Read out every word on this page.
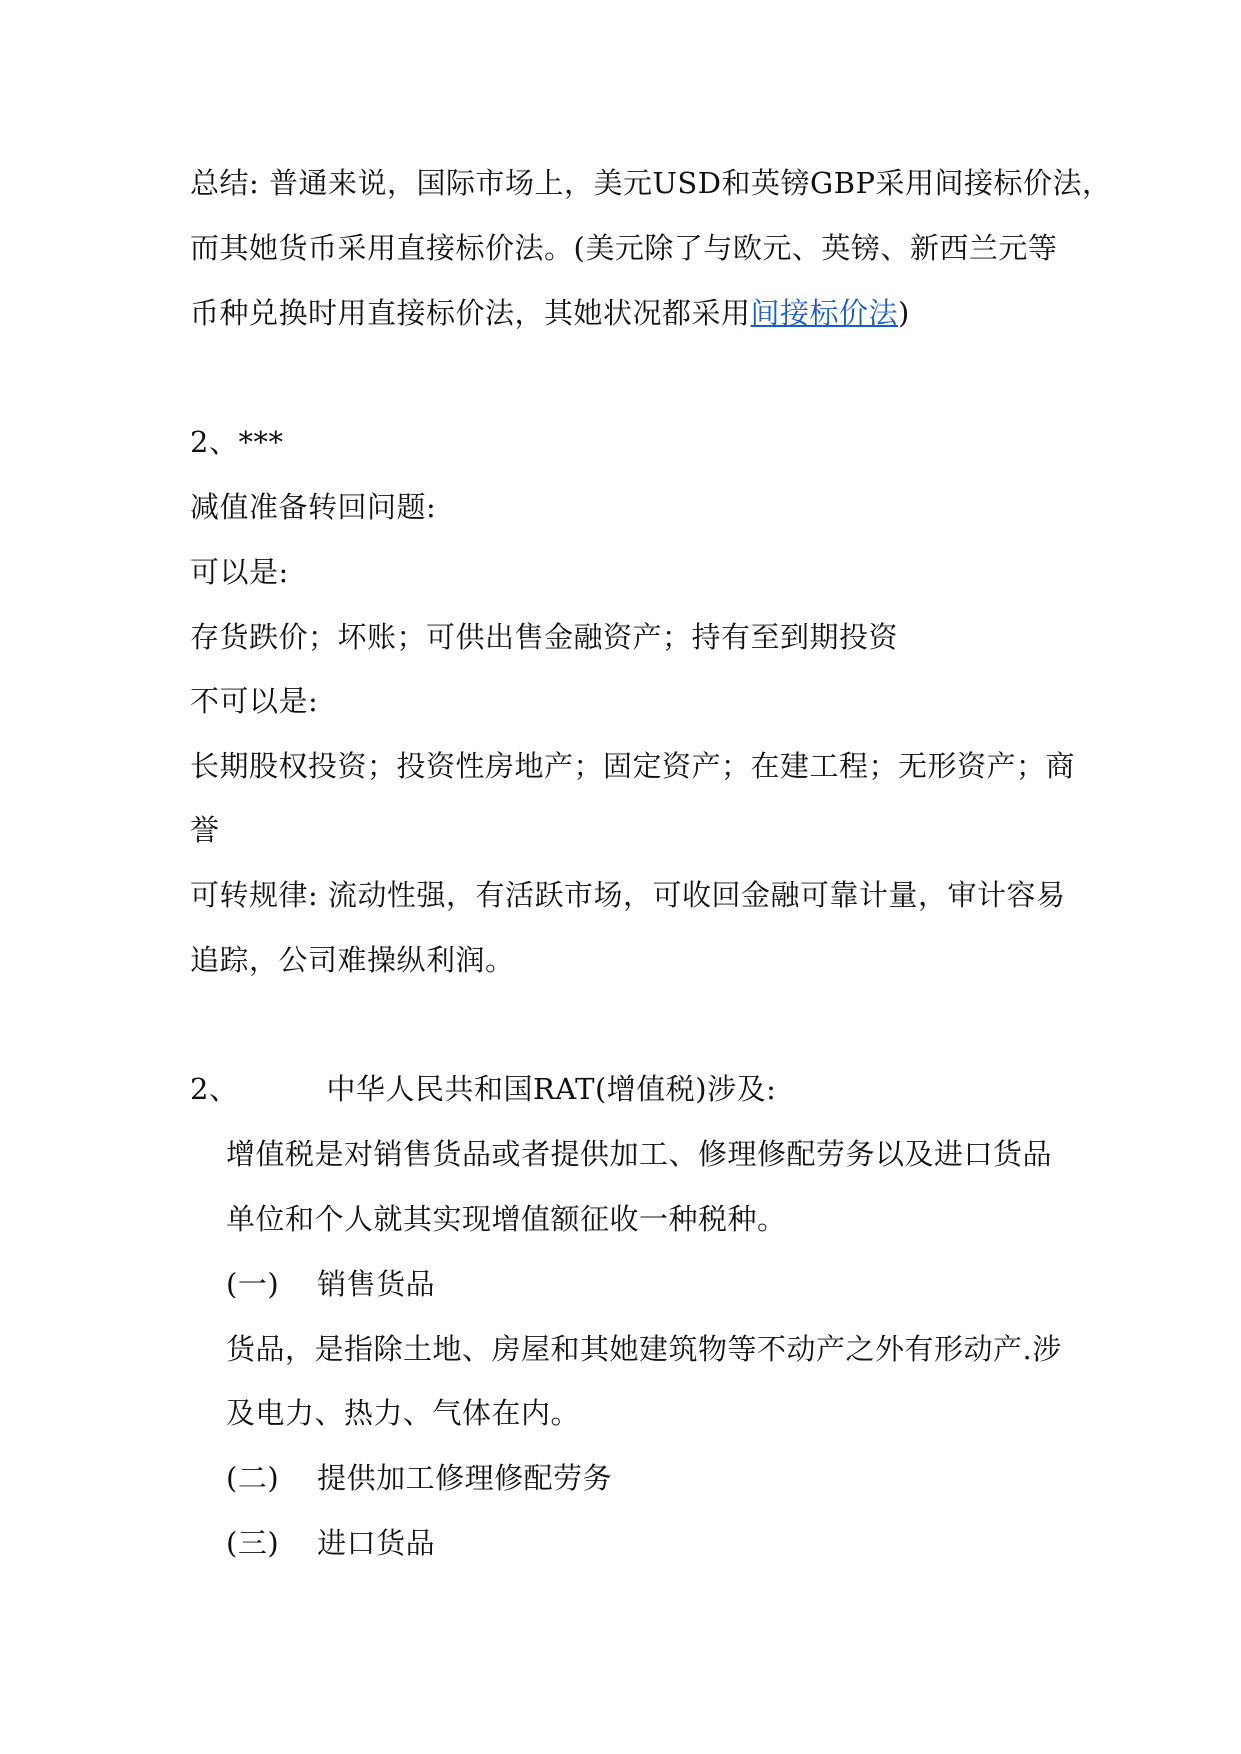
总结: 普通来说，国际市场上，美元USD和英镑GBP采用间接标价法，
而其她货币采用直接标价法。(美元除了与欧元、英镑、新西兰元等
币种兑换时用直接标价法，其她状况都采用间接标价法)
2、***
减值准备转回问题:
可以是:
存货跌价；坏账；可供出售金融资产；持有至到期投资
不可以是:
长期股权投资；投资性房地产；固定资产；在建工程；无形资产；商
誉
可转规律: 流动性强，有活跃市场，可收回金融可靠计量，审计容易
追踪，公司难操纵利润。
2、	中华人民共和国RAT(增值税)涉及:
增值税是对销售货品或者提供加工、修理修配劳务以及进口货品
单位和个人就其实现增值额征收一种税种。
(一) 销售货品
货品，是指除土地、房屋和其她建筑物等不动产之外有形动产.涉
及电力、热力、气体在内。
(二) 提供加工修理修配劳务
(三) 进口货品
